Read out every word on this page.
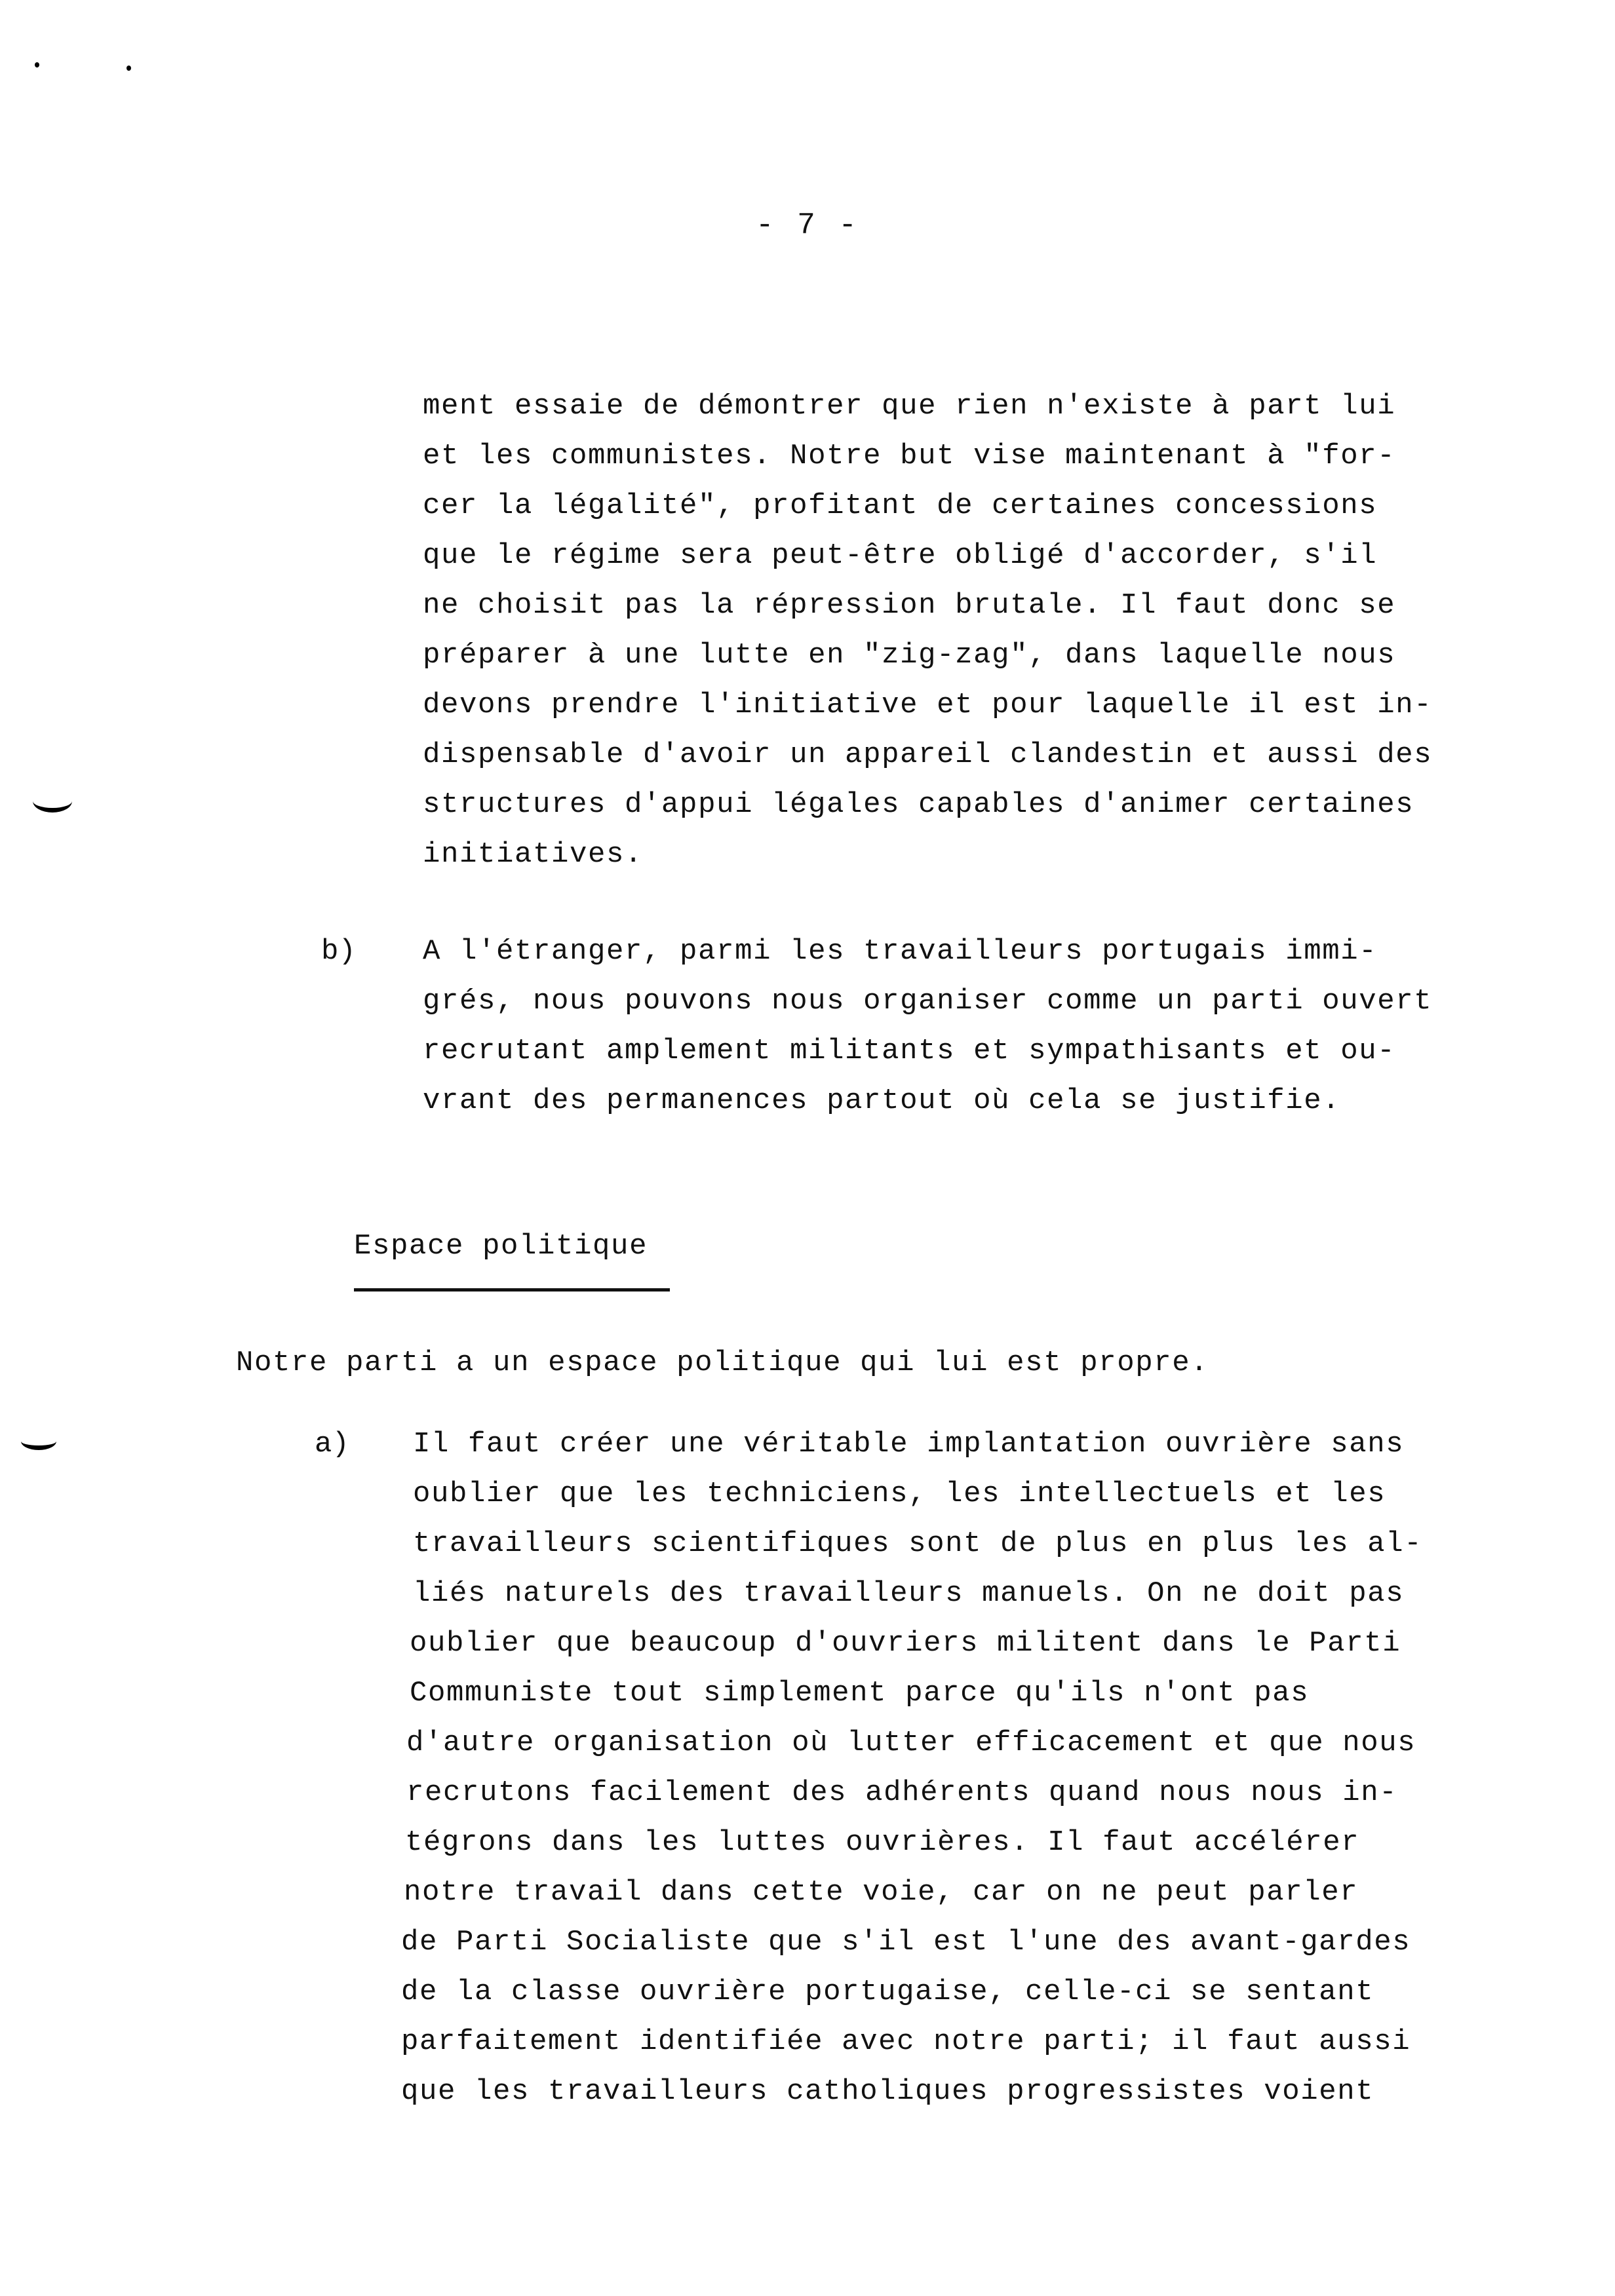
- 7 -
ment essaie de démontrer que rien n'existe à part lui
et les communistes. Notre but vise maintenant à "for-
cer la légalité", profitant de certaines concessions
que le régime sera peut-être obligé d'accorder, s'il
ne choisit pas la répression brutale. Il faut donc se
préparer à une lutte en "zig-zag", dans laquelle nous
devons prendre l'initiative et pour laquelle il est in-
dispensable d'avoir un appareil clandestin et aussi des
structures d'appui légales capables d'animer certaines
initiatives.
b) A l'étranger, parmi les travailleurs portugais immi-
grés, nous pouvons nous organiser comme un parti ouvert
recrutant amplement militants et sympathisants et ou-
vrant des permanences partout où cela se justifie.
Espace politique
Notre parti a un espace politique qui lui est propre.
a) Il faut créer une véritable implantation ouvrière sans
oublier que les techniciens, les intellectuels et les
travailleurs scientifiques sont de plus en plus les al-
liés naturels des travailleurs manuels. On ne doit pas
oublier que beaucoup d'ouvriers militent dans le Parti
Communiste tout simplement parce qu'ils n'ont pas
d'autre organisation où lutter efficacement et que nous
recrutons facilement des adhérents quand nous nous in-
tégrons dans les luttes ouvrières. Il faut accélérer
notre travail dans cette voie, car on ne peut parler
de Parti Socialiste que s'il est l'une des avant-gardes
de la classe ouvrière portugaise, celle-ci se sentant
parfaitement identifiée avec notre parti; il faut aussi
que les travailleurs catholiques progressistes voient
